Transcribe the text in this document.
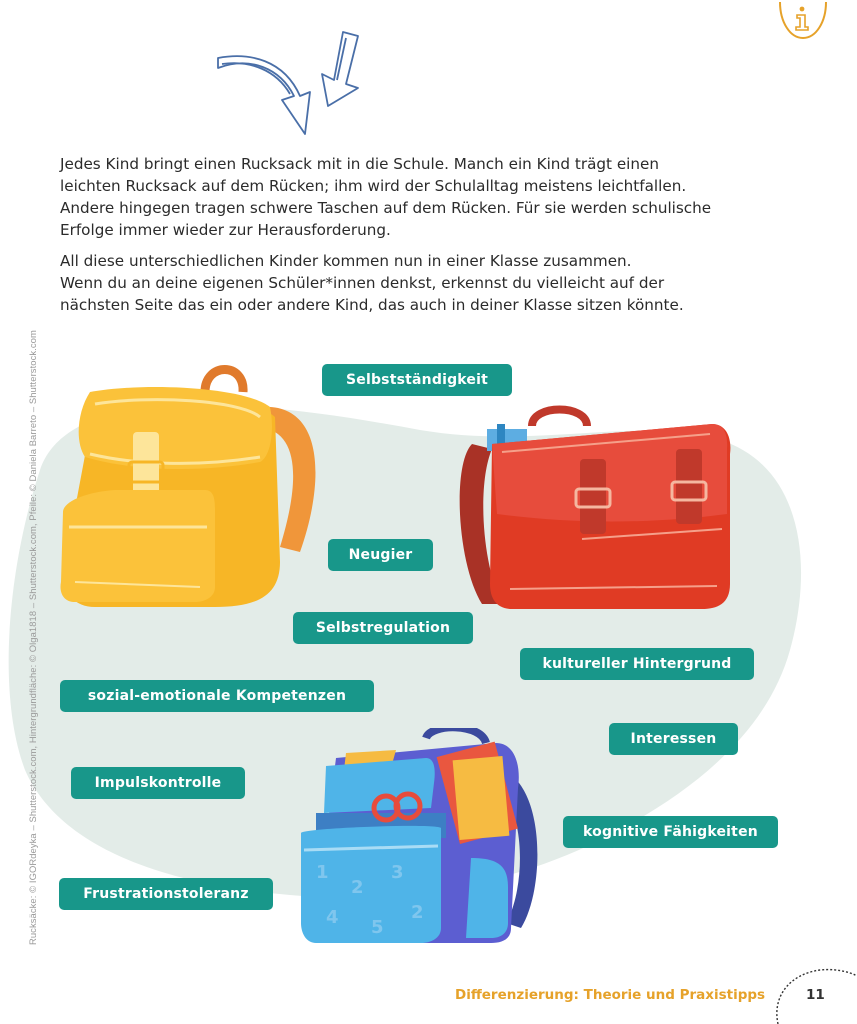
Jedes Kind bringt einen Rucksack mit in die Schule. Manch ein Kind trägt einen
leichten Rucksack auf dem Rücken; ihm wird der Schulalltag meistens leichtfallen.
Andere hingegen tragen schwere Taschen auf dem Rücken. Für sie werden schulische
Erfolge immer wieder zur Herausforderung.

All diese unterschiedlichen Kinder kommen nun in einer Klasse zusammen.
Wenn du an deine eigenen Schüler*innen denkst, erkennst du vielleicht auf der
nächsten Seite das ein oder andere Kind, das auch in deiner Klasse sitzen könnte.

Rucksäcke: © IGORdeyka – Shutterstock.com, Hintergrundfläche: © Olga1818 – Shutterstock.com, Pfeile: © Daniela Barreto – Shutterstock.com	1
2
3
4 5
2
Selbstständigkeit
Neugier
Selbstregulation
kultureller Hintergrund
sozial-emotionale Kompetenzen
Interessen
Impulskontrolle
kognitive Fähigkeiten
Frustrationstoleranz
Differenzierung: Theorie und Praxistipps	11
